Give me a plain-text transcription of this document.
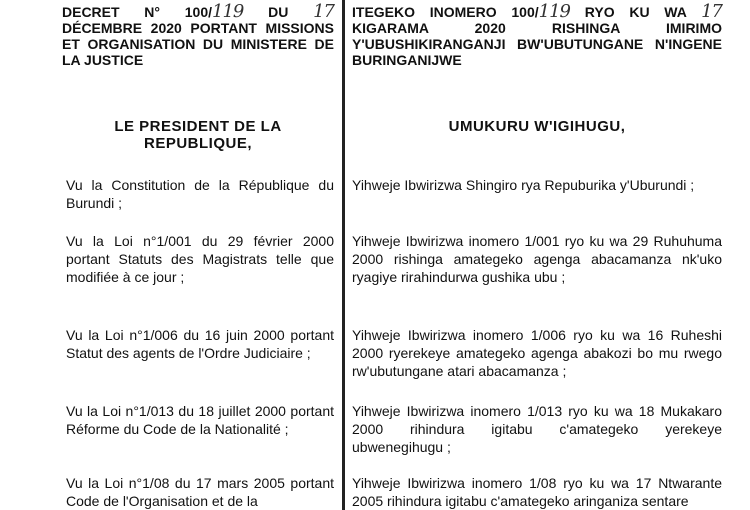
DECRET N° 100/119 DU 17 DÉCEMBRE 2020 PORTANT MISSIONS ET ORGANISATION DU MINISTERE DE LA JUSTICE
LE PRESIDENT DE LA REPUBLIQUE,
Vu la Constitution de la République du Burundi ;
Vu la Loi n°1/001 du 29 février 2000 portant Statuts des Magistrats telle que modifiée à ce jour ;
Vu la Loi n°1/006 du 16 juin 2000 portant Statut des agents de l'Ordre Judiciaire ;
Vu la Loi n°1/013 du 18 juillet 2000 portant Réforme du Code de la Nationalité ;
Vu la Loi n°1/08 du 17 mars 2005 portant Code de l'Organisation et de la
ITEGEKO INOMERO 100/119 RYO KU WA 17 KIGARAMA 2020 RISHINGA IMIRIMO Y'UBUSHIKIRANGANJI BW'UBUTUNGANE N'INGENE BURINGANIJWE
UMUKURU W'IGIHUGU,
Yihweje Ibwirizwa Shingiro rya Repuburika y'Uburundi ;
Yihweje Ibwirizwa inomero 1/001 ryo ku wa 29 Ruhuhuma 2000 rishinga amategeko agenga abacamanza nk'uko ryagiye rirahindurwa gushika ubu ;
Yihweje Ibwirizwa inomero 1/006 ryo ku wa 16 Ruheshi 2000 ryerekeye amategeko agenga abakozi bo mu rwego rw'ubutungane atari abacamanza ;
Yihweje Ibwirizwa inomero 1/013 ryo ku wa 18 Mukakaro 2000 rihindura igitabu c'amategeko yerekeye ubwenegihugu ;
Yihweje Ibwirizwa inomero 1/08 ryo ku wa 17 Ntwarante 2005 rihindura igitabu c'amategeko aringaniza sentare
